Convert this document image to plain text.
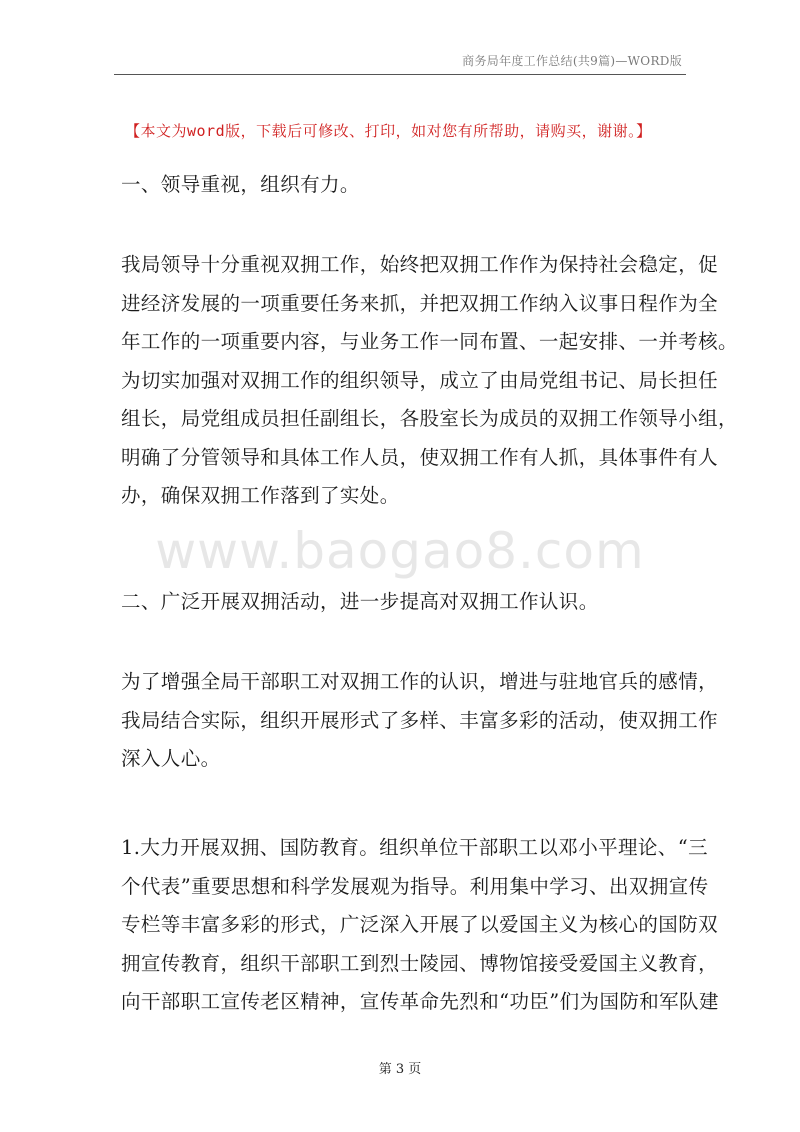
商务局年度工作总结(共9篇)—WORD版
【本文为word版，下载后可修改、打印，如对您有所帮助，请购买，谢谢。】
www.baogao8.com
一、领导重视，组织有力。
我局领导十分重视双拥工作，始终把双拥工作作为保持社会稳定，促
进经济发展的一项重要任务来抓，并把双拥工作纳入议事日程作为全
年工作的一项重要内容，与业务工作一同布置、一起安排、一并考核。
为切实加强对双拥工作的组织领导，成立了由局党组书记、局长担任
组长，局党组成员担任副组长，各股室长为成员的双拥工作领导小组，
明确了分管领导和具体工作人员，使双拥工作有人抓，具体事件有人
办，确保双拥工作落到了实处。
二、广泛开展双拥活动，进一步提高对双拥工作认识。
为了增强全局干部职工对双拥工作的认识，增进与驻地官兵的感情，
我局结合实际，组织开展形式了多样、丰富多彩的活动，使双拥工作
深入人心。
1.大力开展双拥、国防教育。组织单位干部职工以邓小平理论、“三
个代表”重要思想和科学发展观为指导。利用集中学习、出双拥宣传
专栏等丰富多彩的形式，广泛深入开展了以爱国主义为核心的国防双
拥宣传教育，组织干部职工到烈士陵园、博物馆接受爱国主义教育，
向干部职工宣传老区精神，宣传革命先烈和“功臣”们为国防和军队建
第 3 页
